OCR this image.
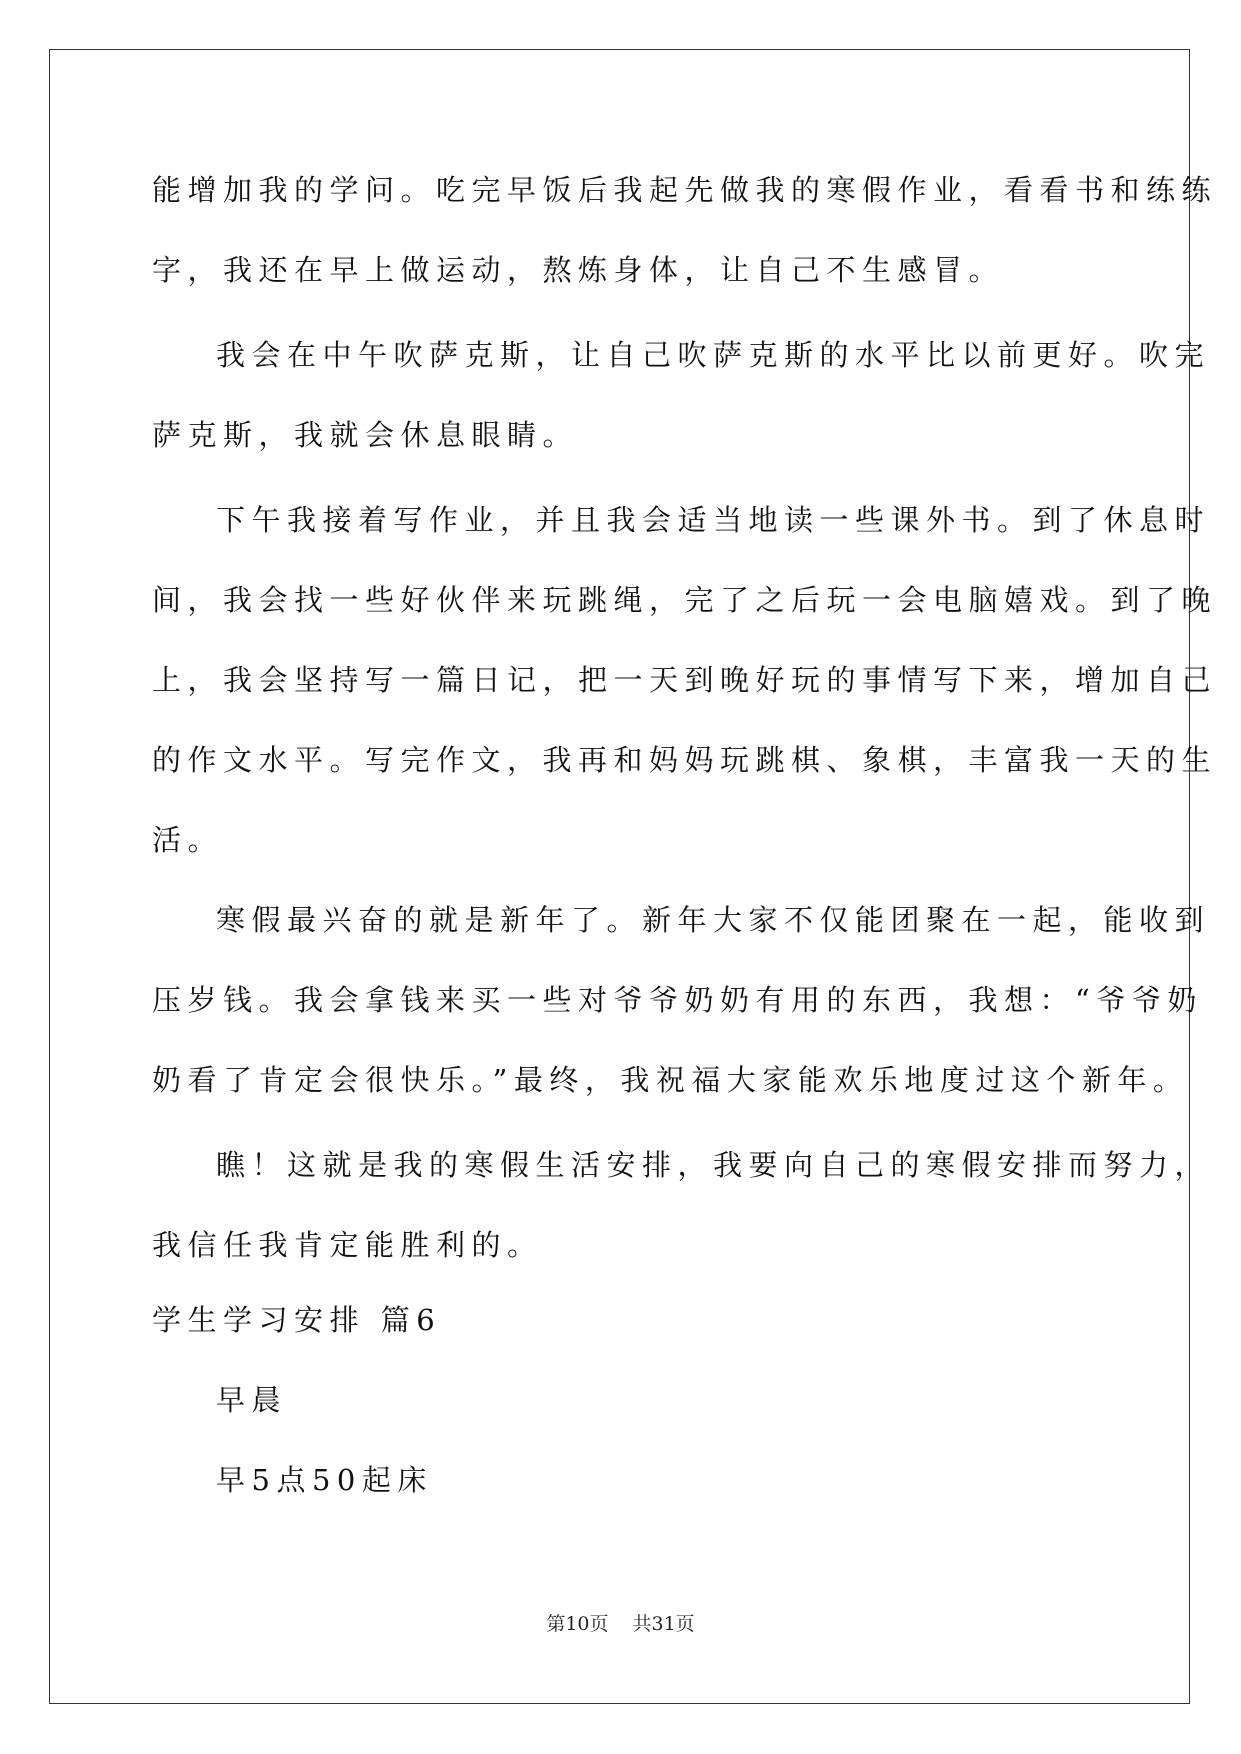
能增加我的学问。吃完早饭后我起先做我的寒假作业，看看书和练练
字，我还在早上做运动，熬炼身体，让自己不生感冒。
我会在中午吹萨克斯，让自己吹萨克斯的水平比以前更好。吹完
萨克斯，我就会休息眼睛。
下午我接着写作业，并且我会适当地读一些课外书。到了休息时
间，我会找一些好伙伴来玩跳绳，完了之后玩一会电脑嬉戏。到了晚
上，我会坚持写一篇日记，把一天到晚好玩的事情写下来，增加自己
的作文水平。写完作文，我再和妈妈玩跳棋、象棋，丰富我一天的生
活。
寒假最兴奋的就是新年了。新年大家不仅能团聚在一起，能收到
压岁钱。我会拿钱来买一些对爷爷奶奶有用的东西，我想：“爷爷奶
奶看了肯定会很快乐。”最终，我祝福大家能欢乐地度过这个新年。
瞧！这就是我的寒假生活安排，我要向自己的寒假安排而努力，
我信任我肯定能胜利的。
学生学习安排 篇6
早晨
早5点50起床
第10页 共31页
